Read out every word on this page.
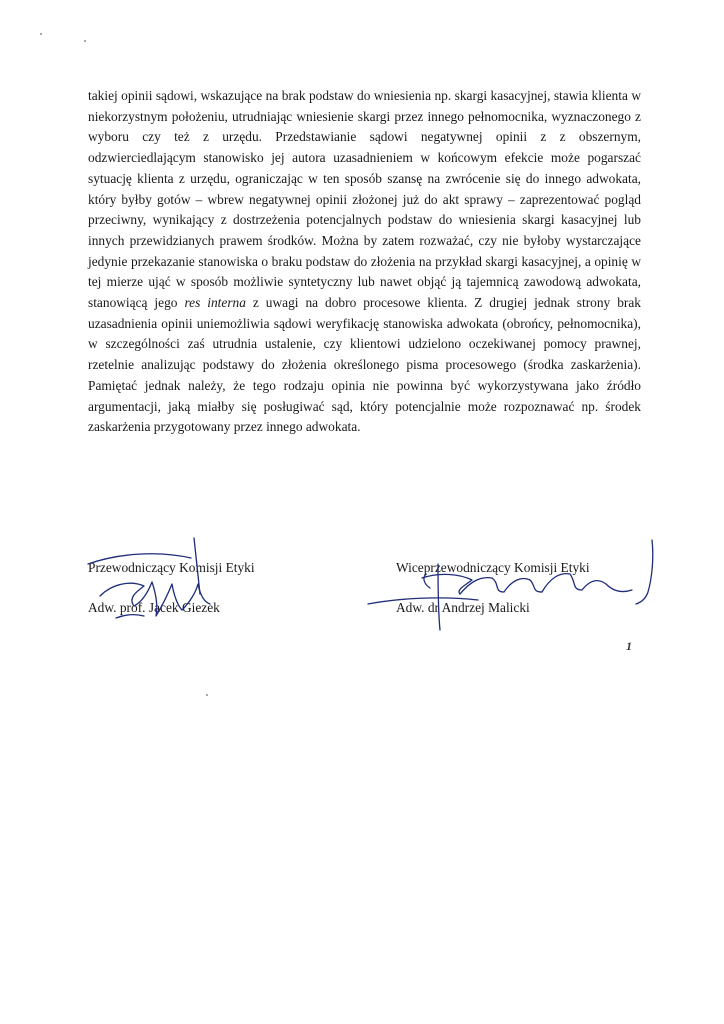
takiej opinii sądowi, wskazujące na brak podstaw do wniesienia np. skargi kasacyjnej, stawia klienta w niekorzystnym położeniu, utrudniając wniesienie skargi przez innego pełnomocnika, wyznaczonego z wyboru czy też z urzędu. Przedstawianie sądowi negatywnej opinii z z obszernym, odzwierciedlającym stanowisko jej autora uzasadnieniem w końcowym efekcie może pogarszać sytuację klienta z urzędu, ograniczając w ten sposób szansę na zwrócenie się do innego adwokata, który byłby gotów – wbrew negatywnej opinii złożonej już do akt sprawy – zaprezentować pogląd przeciwny, wynikający z dostrzeżenia potencjalnych podstaw do wniesienia skargi kasacyjnej lub innych przewidzianych prawem środków. Można by zatem rozważać, czy nie byłoby wystarczające jedynie przekazanie stanowiska o braku podstaw do złożenia na przykład skargi kasacyjnej, a opinię w tej mierze ująć w sposób możliwie syntetyczny lub nawet objąć ją tajemnicą zawodową adwokata, stanowiącą jego res interna z uwagi na dobro procesowe klienta. Z drugiej jednak strony brak uzasadnienia opinii uniemożliwia sądowi weryfikację stanowiska adwokata (obrońcy, pełnomocnika), w szczególności zaś utrudnia ustalenie, czy klientowi udzielono oczekiwanej pomocy prawnej, rzetelnie analizując podstawy do złożenia określonego pisma procesowego (środka zaskarżenia). Pamiętać jednak należy, że tego rodzaju opinia nie powinna być wykorzystywana jako źródło argumentacji, jaką miałby się posługiwać sąd, który potencjalnie może rozpoznawać np. środek zaskarżenia przygotowany przez innego adwokata.

Przewodniczący Komisji Etyki
Adw. prof. Jacek Giezek
Wiceprzewodniczący Komisji Etyki
Adw. dr Andrzej Malicki
1
